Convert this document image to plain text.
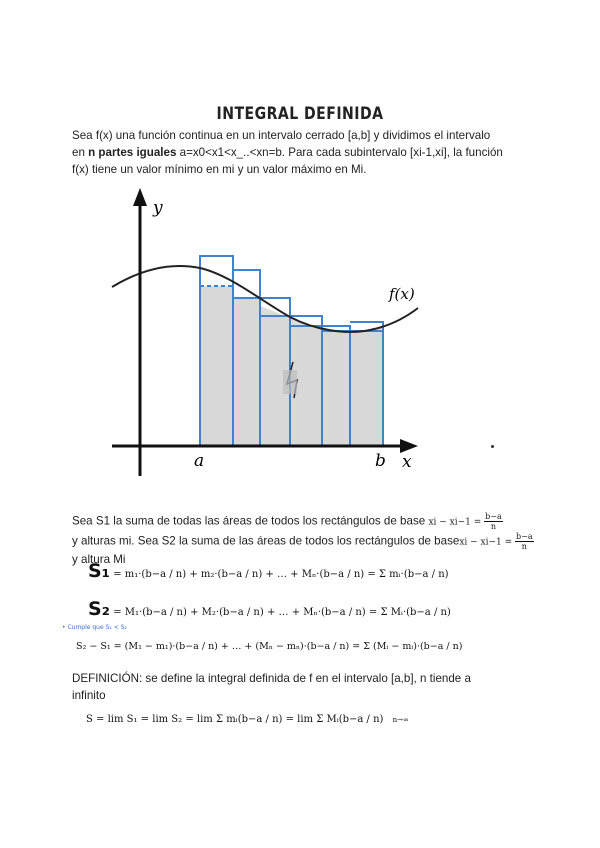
INTEGRAL DEFINIDA
Sea f(x) una función continua en un intervalo cerrado [a,b] y dividimos el intervalo
en n partes iguales a=x0<x1<x_..<xn=b. Para cada subintervalo [xi-1,xi], la función
f(x) tiene un valor mínimo en mi y un valor máximo en Mi.
y
x
a	b
f(x)
Sea S1 la suma de todas las áreas de todos los rectángulos de base xi − $xi-1 = \frac{b-a}{n}$
y alturas mi. Sea S2 la suma de las áreas de todos los rectángulos de basexi − $xi-1 = \frac{b-a}{n}$
y altura Mi
S₁ = m₁·(b−a / n) + m₂·(b−a / n) + … + Mₙ·(b−a / n) = Σ mᵢ·(b−a / n)
S₂ = M₁·(b−a / n) + M₂·(b−a / n) + … + Mₙ·(b−a / n) = Σ Mᵢ·(b−a / n)
• Cumple que S₁ < S₂
S₂ − S₁ = (M₁ − m₁)·(b−a / n) + … + (Mₙ − mₙ)·(b−a / n) = Σ (Mᵢ − mᵢ)·(b−a / n)
DEFINICIÓN: se define la integral definida de f en el intervalo [a,b], n tiende a
infinito
S = lim S₁ = lim S₂ = lim Σ mᵢ(b−a / n) = lim Σ Mᵢ(b−a / n) n→∞
